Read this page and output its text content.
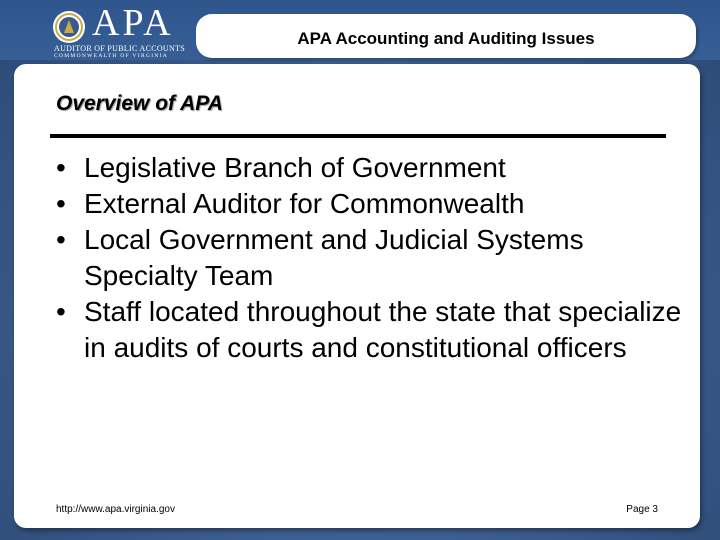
APA
AUDITOR OF PUBLIC ACCOUNTS
COMMONWEALTH OF VIRGINIA
APA Accounting and Auditing Issues
Overview of APA
• Legislative Branch of Government
• External Auditor for Commonwealth
• Local Government and Judicial Systems Specialty Team
• Staff located throughout the state that specialize in audits of courts and constitutional officers
http://www.apa.virginia.gov	Page 3
